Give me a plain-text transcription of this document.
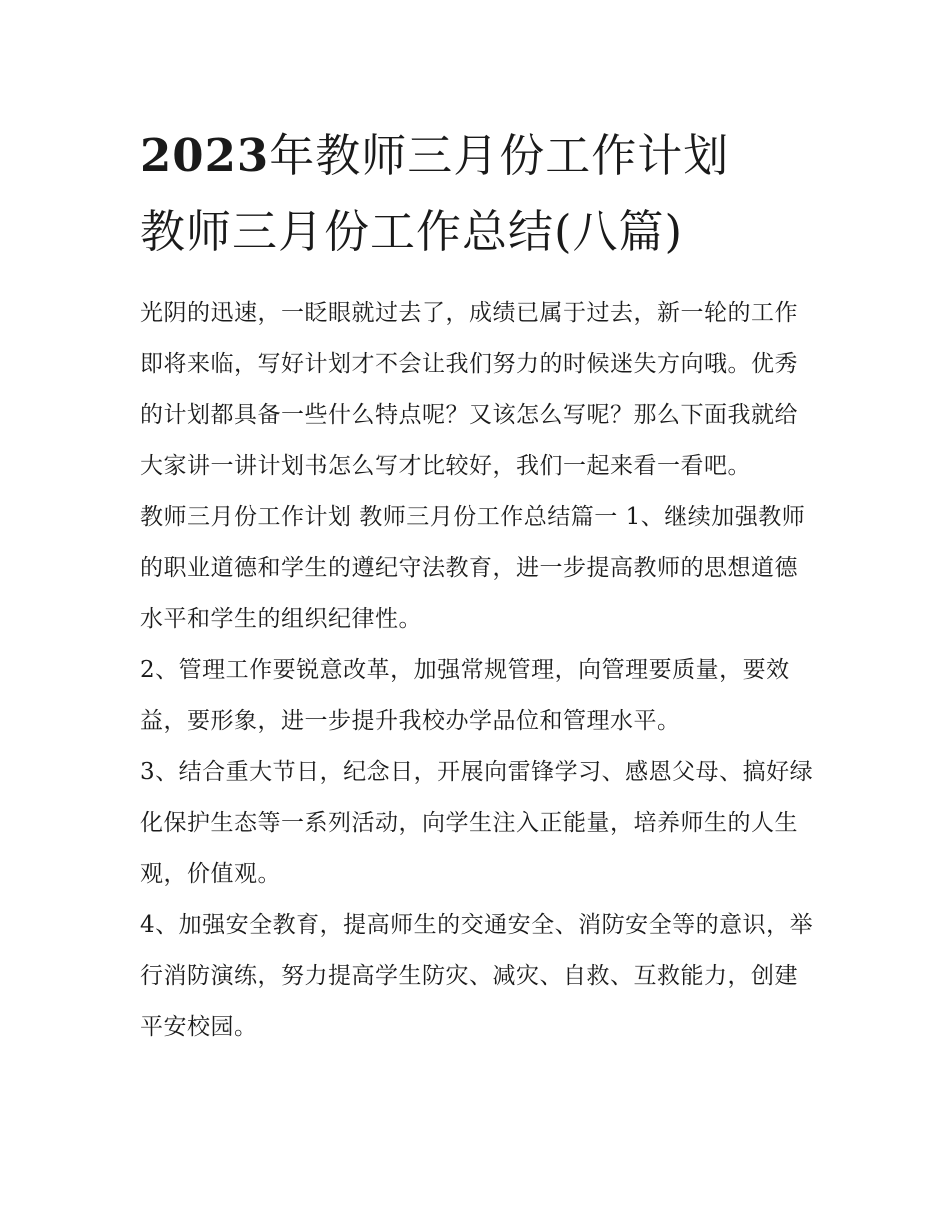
2023年教师三月份工作计划
教师三月份工作总结(八篇)

光阴的迅速，一眨眼就过去了，成绩已属于过去，新一轮的工作即将来临，写好计划才不会让我们努力的时候迷失方向哦。优秀的计划都具备一些什么特点呢？又该怎么写呢？那么下面我就给大家讲一讲计划书怎么写才比较好，我们一起来看一看吧。

教师三月份工作计划 教师三月份工作总结篇一 1、继续加强教师的职业道德和学生的遵纪守法教育，进一步提高教师的思想道德水平和学生的组织纪律性。

2、管理工作要锐意改革，加强常规管理，向管理要质量，要效益，要形象，进一步提升我校办学品位和管理水平。

3、结合重大节日，纪念日，开展向雷锋学习、感恩父母、搞好绿化保护生态等一系列活动，向学生注入正能量，培养师生的人生观，价值观。

4、加强安全教育，提高师生的交通安全、消防安全等的意识，举行消防演练，努力提高学生防灾、减灾、自救、互救能力，创建平安校园。
